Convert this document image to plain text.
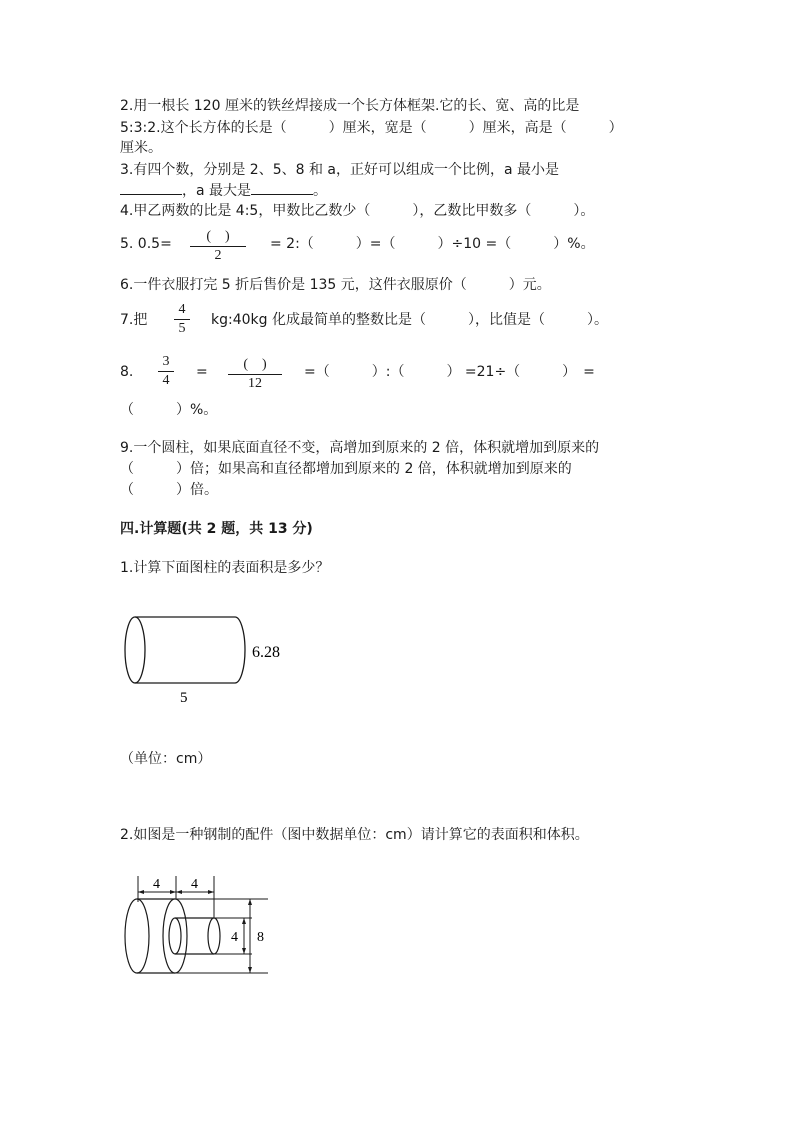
2.用一根长 120 厘米的铁丝焊接成一个长方体框架.它的长、宽、高的比是
5:3:2.这个长方体的长是（　　　）厘米，宽是（　　　）厘米，高是（　　　）
厘米。
3.有四个数，分别是 2、5、8 和 a，正好可以组成一个比例，a 最小是
，a 最大是	。
4.甲乙两数的比是 4:5，甲数比乙数少（　　　），乙数比甲数多（　　　）。
5. 0.5=	(　)
2
= 2:（　　　）=（　　　）÷10 =（　　　）%。
6.一件衣服打完 5 折后售价是 135 元，这件衣服原价（　　　）元。
7.把
4
5
kg:40kg 化成最简单的整数比是（　　　），比值是（　　　）。
8.
3
4
=	(　)
12
=（　　　）:（　　　） =21÷（　　　）　=
（　　　）%。
9.一个圆柱，如果底面直径不变，高增加到原来的 2 倍，体积就增加到原来的
（　　　）倍；如果高和直径都增加到原来的 2 倍，体积就增加到原来的
（　　　）倍。
四.计算题(共 2 题，共 13 分)
1.计算下面图柱的表面积是多少？
6.28
5
（单位：cm）
2.如图是一种钢制的配件（图中数据单位：cm）请计算它的表面积和体积。
4 4
4 8
